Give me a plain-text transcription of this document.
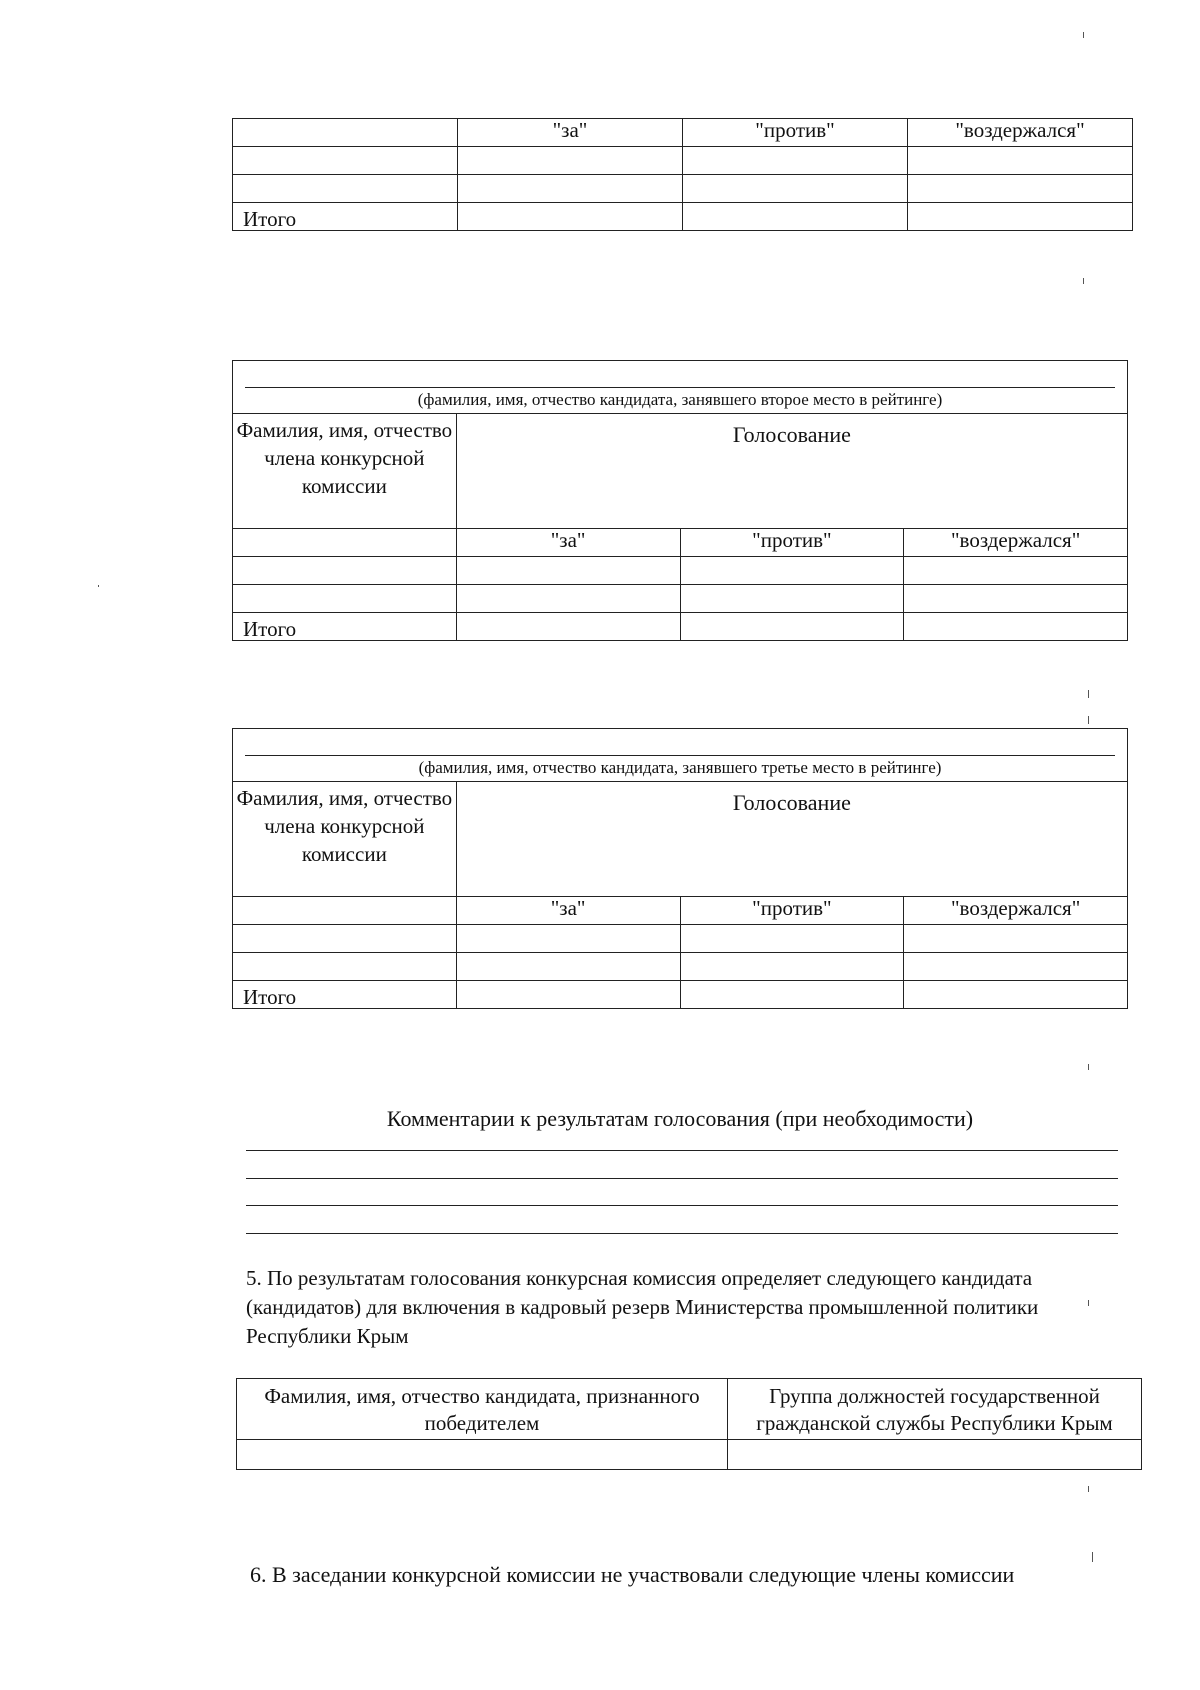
	"за"	"против"	"воздержался"

Итого			
(фамилия, имя, отчество кандидата, занявшего второе место в рейтинге)			

Фамилия, имя, отчество члена конкурсной комиссии	Голосование		
	"за"	"против"	"воздержался"

Итого			
(фамилия, имя, отчество кандидата, занявшего третье место в рейтинге)			

Фамилия, имя, отчество члена конкурсной комиссии	Голосование		
	"за"	"против"	"воздержался"

Итого			
Комментарии к результатам голосования (при необходимости)
5. По результатам голосования конкурсная комиссия определяет следующего кандидата (кандидатов) для включения в кадровый резерв Министерства промышленной политики Республики Крым
Фамилия, имя, отчество кандидата, признанного победителем	Группа должностей государственной гражданской службы Республики Крым

6. В заседании конкурсной комиссии не участвовали следующие члены комиссии
